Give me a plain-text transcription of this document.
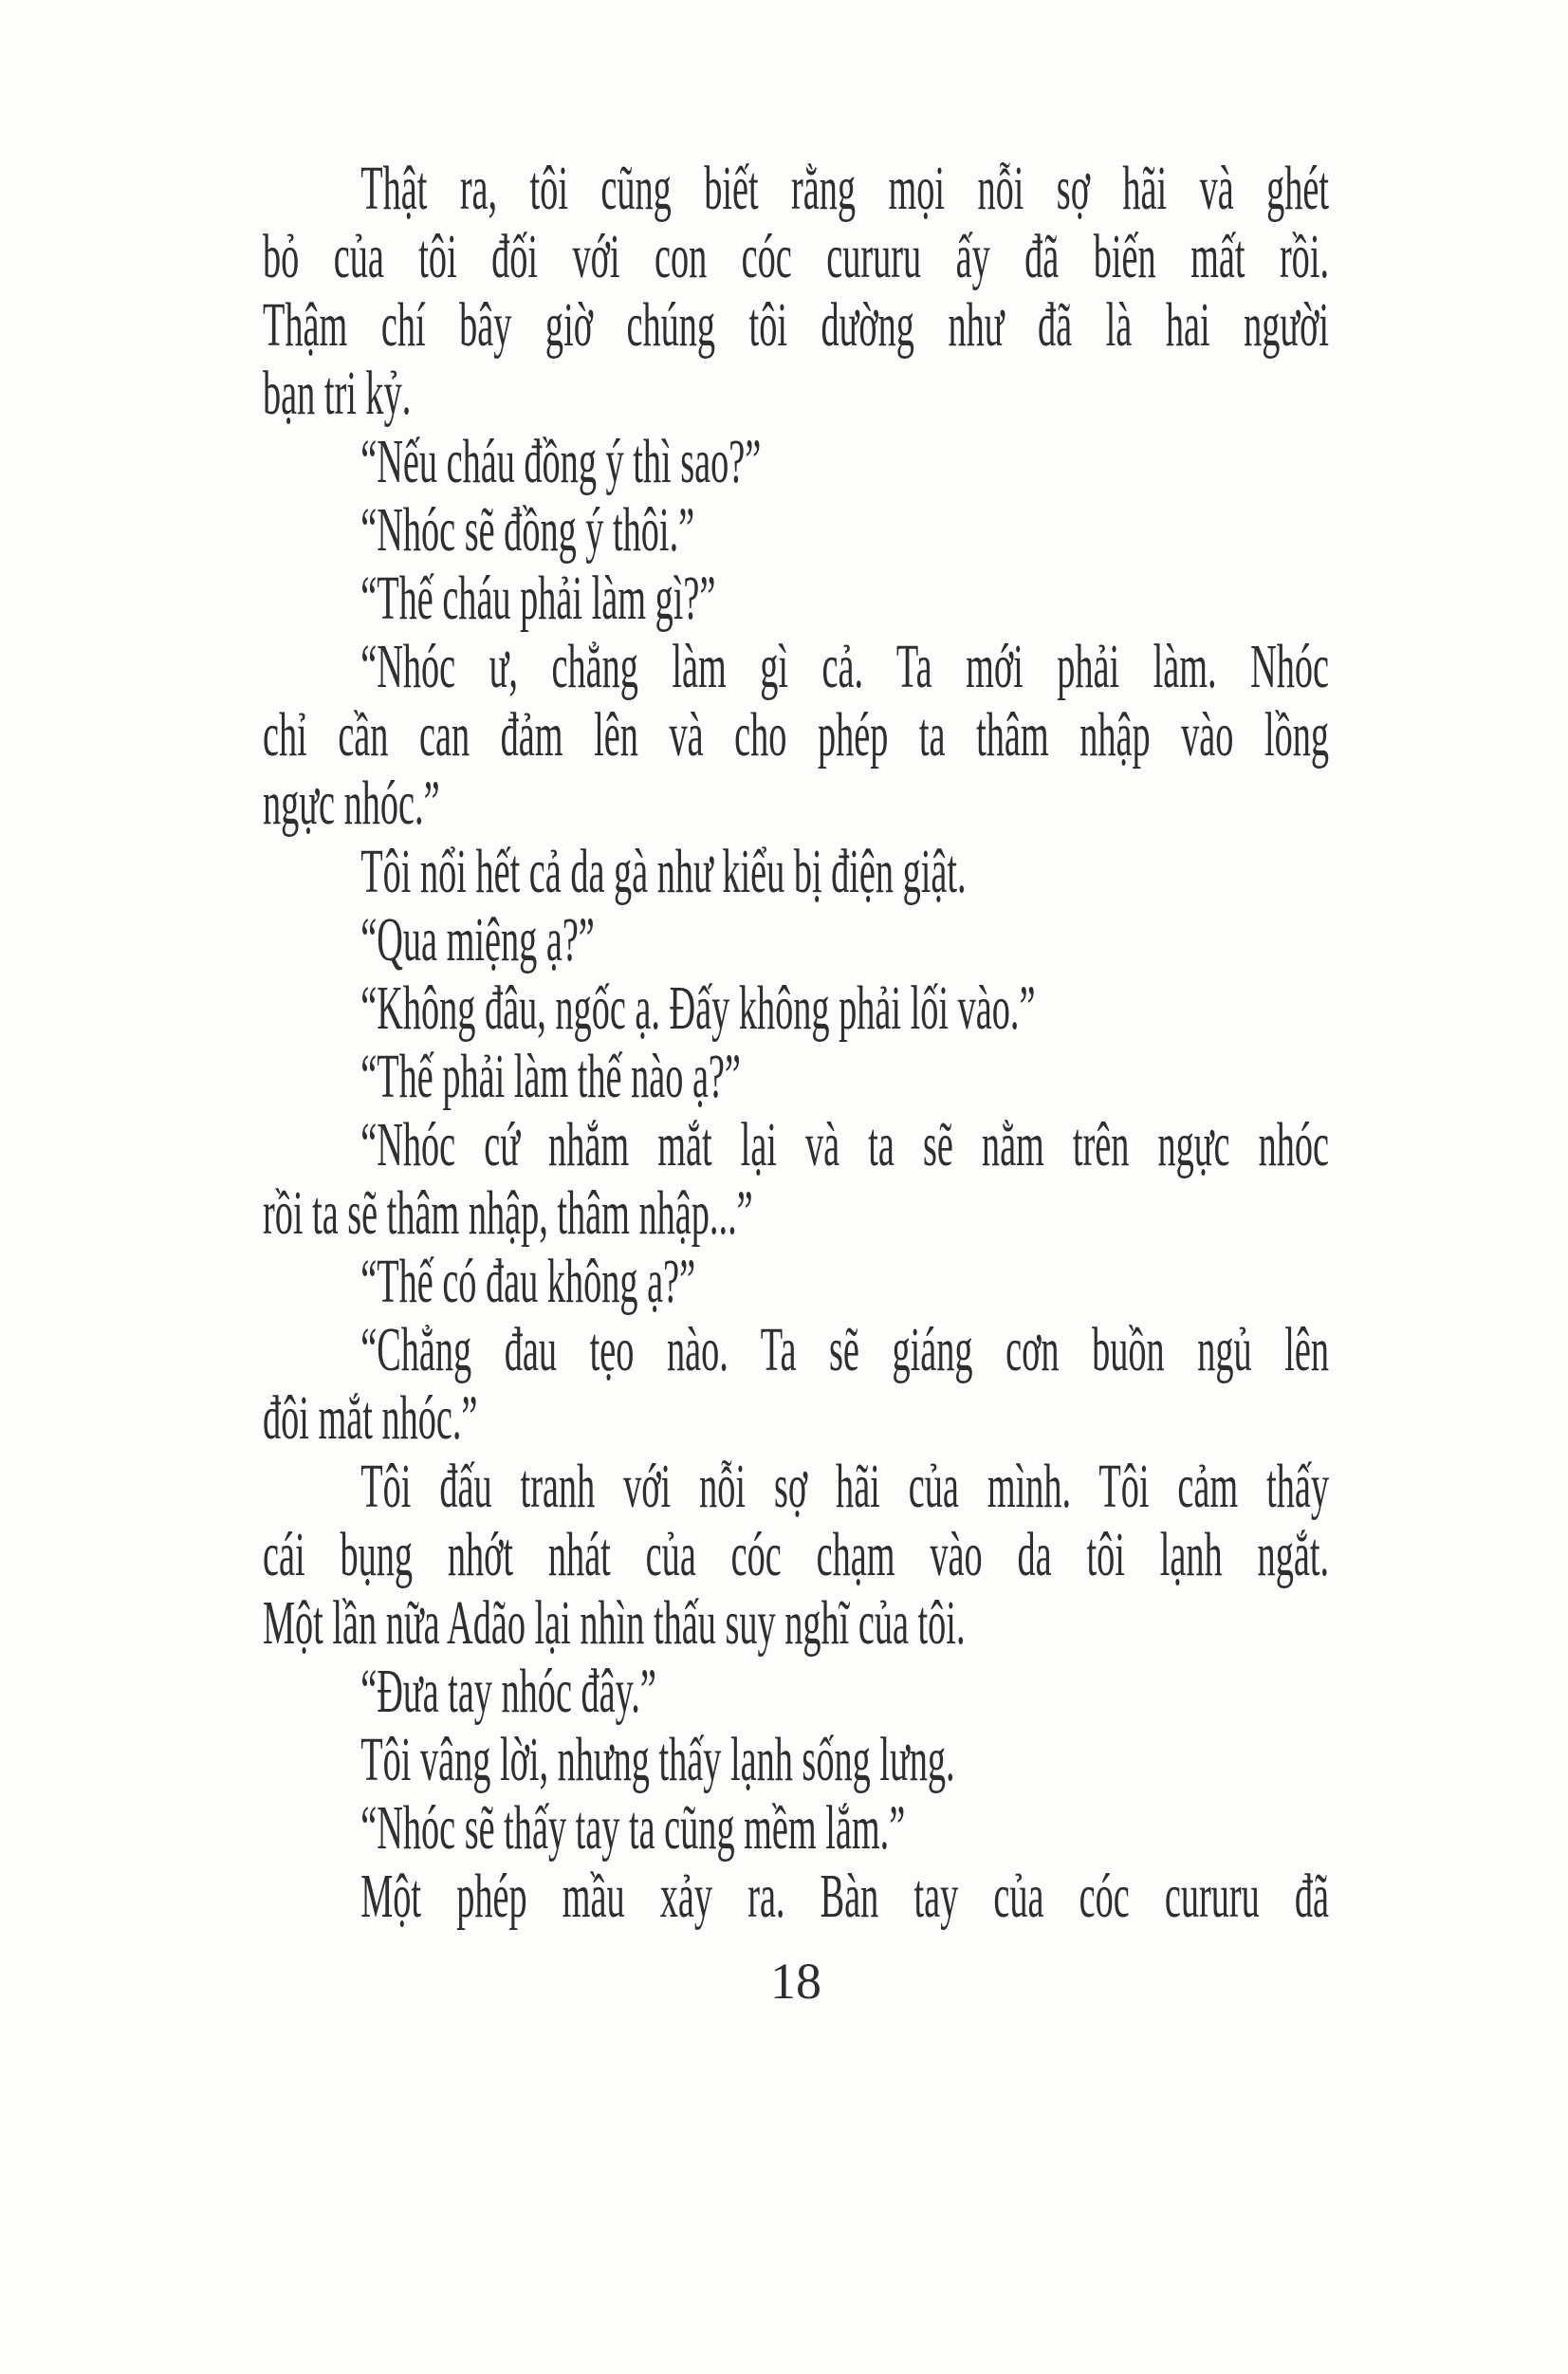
Thật ra, tôi cũng biết rằng mọi nỗi sợ hãi và ghét
bỏ của tôi đối với con cóc cururu ấy đã biến mất rồi.
Thậm chí bây giờ chúng tôi dường như đã là hai người
bạn tri kỷ.
“Nếu cháu đồng ý thì sao?”
“Nhóc sẽ đồng ý thôi.”
“Thế cháu phải làm gì?”
“Nhóc ư, chẳng làm gì cả. Ta mới phải làm. Nhóc
chỉ cần can đảm lên và cho phép ta thâm nhập vào lồng
ngực nhóc.”
Tôi nổi hết cả da gà như kiểu bị điện giật.
“Qua miệng ạ?”
“Không đâu, ngốc ạ. Đấy không phải lối vào.”
“Thế phải làm thế nào ạ?”
“Nhóc cứ nhắm mắt lại và ta sẽ nằm trên ngực nhóc
rồi ta sẽ thâm nhập, thâm nhập...”
“Thế có đau không ạ?”
“Chẳng đau tẹo nào. Ta sẽ giáng cơn buồn ngủ lên
đôi mắt nhóc.”
Tôi đấu tranh với nỗi sợ hãi của mình. Tôi cảm thấy
cái bụng nhớt nhát của cóc chạm vào da tôi lạnh ngắt.
Một lần nữa Adão lại nhìn thấu suy nghĩ của tôi.
“Đưa tay nhóc đây.”
Tôi vâng lời, nhưng thấy lạnh sống lưng.
“Nhóc sẽ thấy tay ta cũng mềm lắm.”
Một phép mầu xảy ra. Bàn tay của cóc cururu đã
18
